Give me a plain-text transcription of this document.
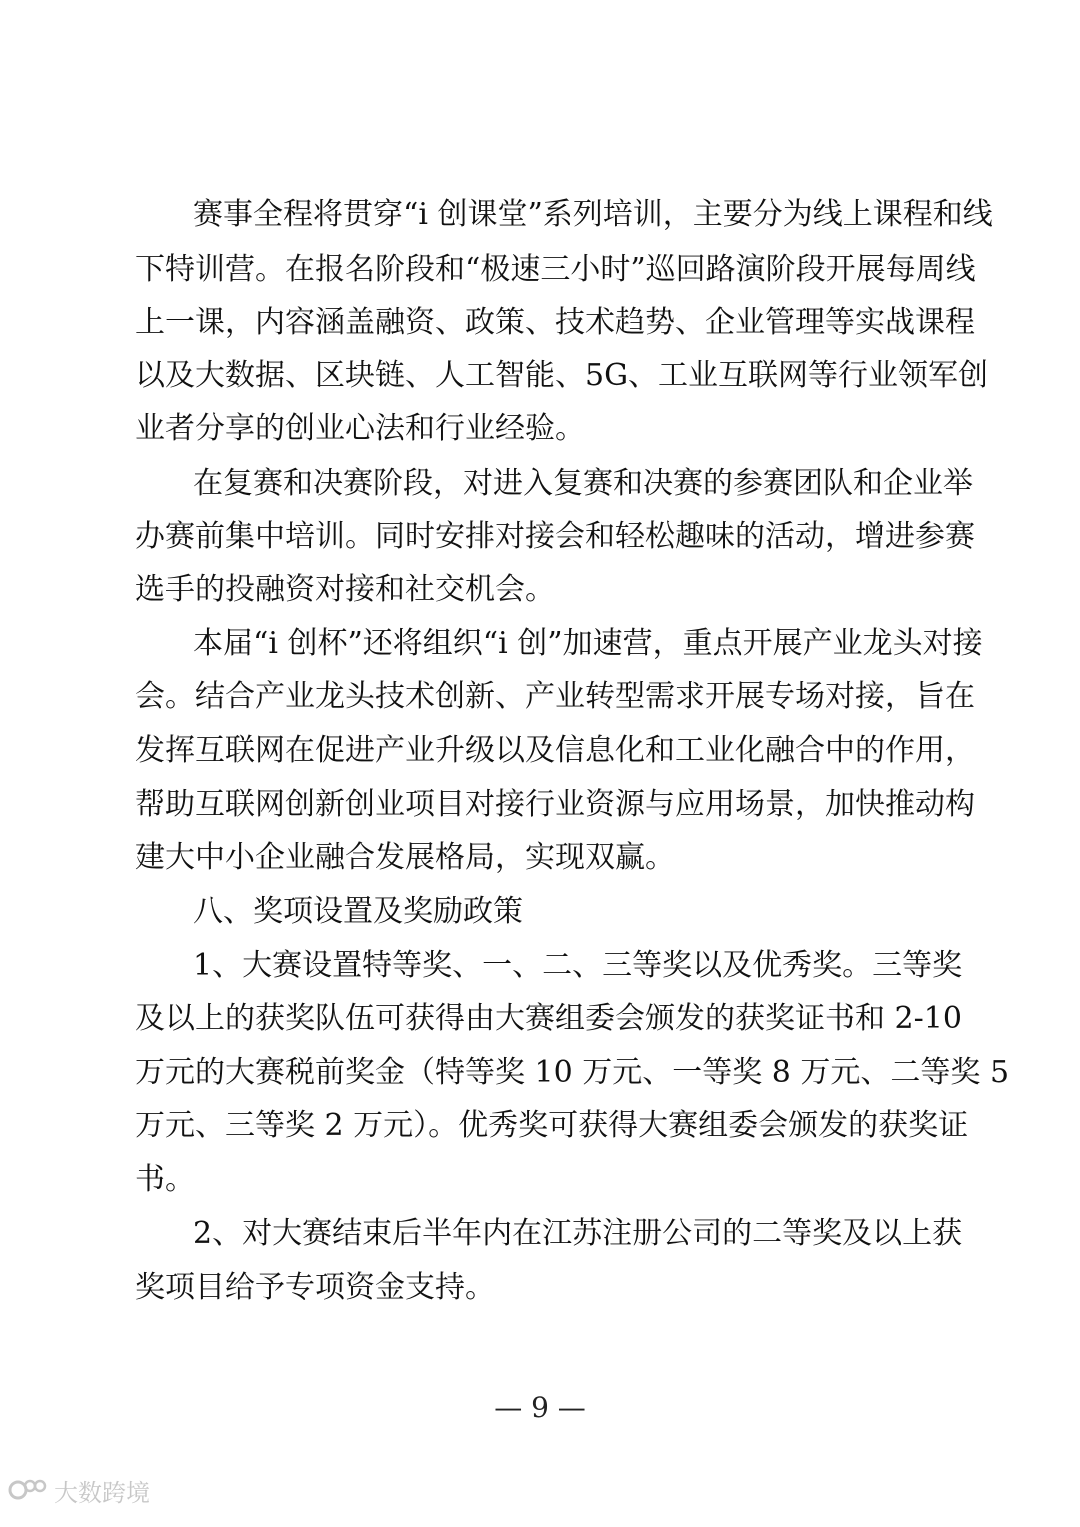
赛事全程将贯穿“i 创课堂”系列培训，主要分为线上课程和线
下特训营。在报名阶段和“极速三小时”巡回路演阶段开展每周线
上一课，内容涵盖融资、政策、技术趋势、企业管理等实战课程
以及大数据、区块链、人工智能、5G、工业互联网等行业领军创
业者分享的创业心法和行业经验。
在复赛和决赛阶段，对进入复赛和决赛的参赛团队和企业举
办赛前集中培训。同时安排对接会和轻松趣味的活动，增进参赛
选手的投融资对接和社交机会。
本届“i 创杯”还将组织“i 创”加速营，重点开展产业龙头对接
会。结合产业龙头技术创新、产业转型需求开展专场对接，旨在
发挥互联网在促进产业升级以及信息化和工业化融合中的作用，
帮助互联网创新创业项目对接行业资源与应用场景，加快推动构
建大中小企业融合发展格局，实现双赢。
八、奖项设置及奖励政策
1、大赛设置特等奖、一、二、三等奖以及优秀奖。三等奖
及以上的获奖队伍可获得由大赛组委会颁发的获奖证书和 2-10
万元的大赛税前奖金（特等奖 10 万元、一等奖 8 万元、二等奖 5
万元、三等奖 2 万元）。优秀奖可获得大赛组委会颁发的获奖证
书。
2、对大赛结束后半年内在江苏注册公司的二等奖及以上获
奖项目给予专项资金支持。
— 9 —
大数跨境
